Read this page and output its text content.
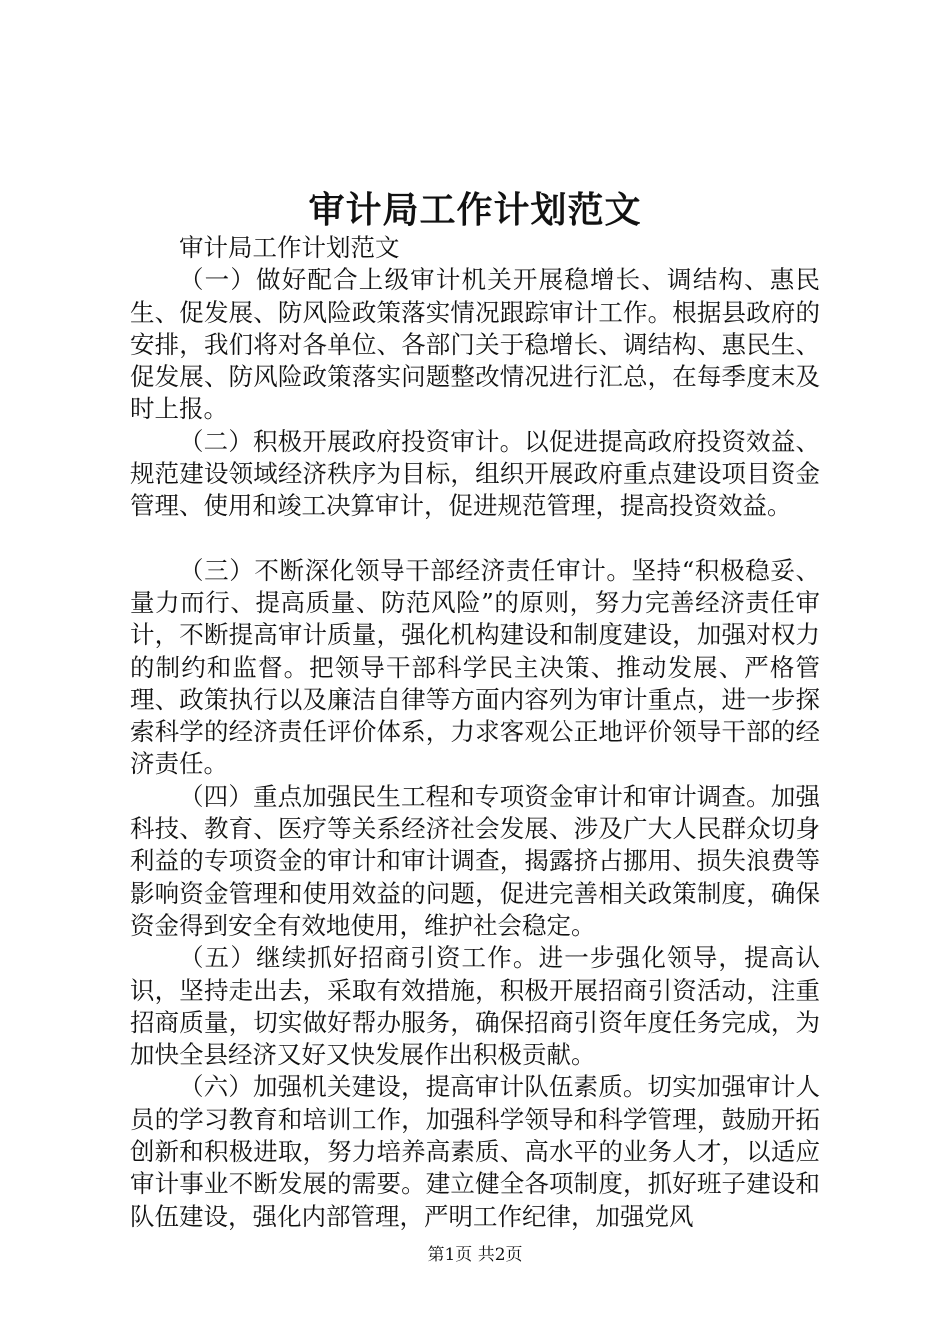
审计局工作计划范文

审计局工作计划范文

（一）做好配合上级审计机关开展稳增长、调结构、惠民生、促发展、防风险政策落实情况跟踪审计工作。根据县政府的安排，我们将对各单位、各部门关于稳增长、调结构、惠民生、促发展、防风险政策落实问题整改情况进行汇总，在每季度末及时上报。

（二）积极开展政府投资审计。以促进提高政府投资效益、规范建设领域经济秩序为目标，组织开展政府重点建设项目资金管理、使用和竣工决算审计，促进规范管理，提高投资效益。

（三）不断深化领导干部经济责任审计。坚持“积极稳妥、量力而行、提高质量、防范风险”的原则，努力完善经济责任审计，不断提高审计质量，强化机构建设和制度建设，加强对权力的制约和监督。把领导干部科学民主决策、推动发展、严格管理、政策执行以及廉洁自律等方面内容列为审计重点，进一步探索科学的经济责任评价体系，力求客观公正地评价领导干部的经济责任。

（四）重点加强民生工程和专项资金审计和审计调查。加强科技、教育、医疗等关系经济社会发展、涉及广大人民群众切身利益的专项资金的审计和审计调查，揭露挤占挪用、损失浪费等影响资金管理和使用效益的问题，促进完善相关政策制度，确保资金得到安全有效地使用，维护社会稳定。

（五）继续抓好招商引资工作。进一步强化领导，提高认识，坚持走出去，采取有效措施，积极开展招商引资活动，注重招商质量，切实做好帮办服务，确保招商引资年度任务完成，为加快全县经济又好又快发展作出积极贡献。

（六）加强机关建设，提高审计队伍素质。切实加强审计人员的学习教育和培训工作，加强科学领导和科学管理，鼓励开拓创新和积极进取，努力培养高素质、高水平的业务人才，以适应审计事业不断发展的需要。建立健全各项制度，抓好班子建设和队伍建设，强化内部管理，严明工作纪律，加强党风

第1页 共2页
